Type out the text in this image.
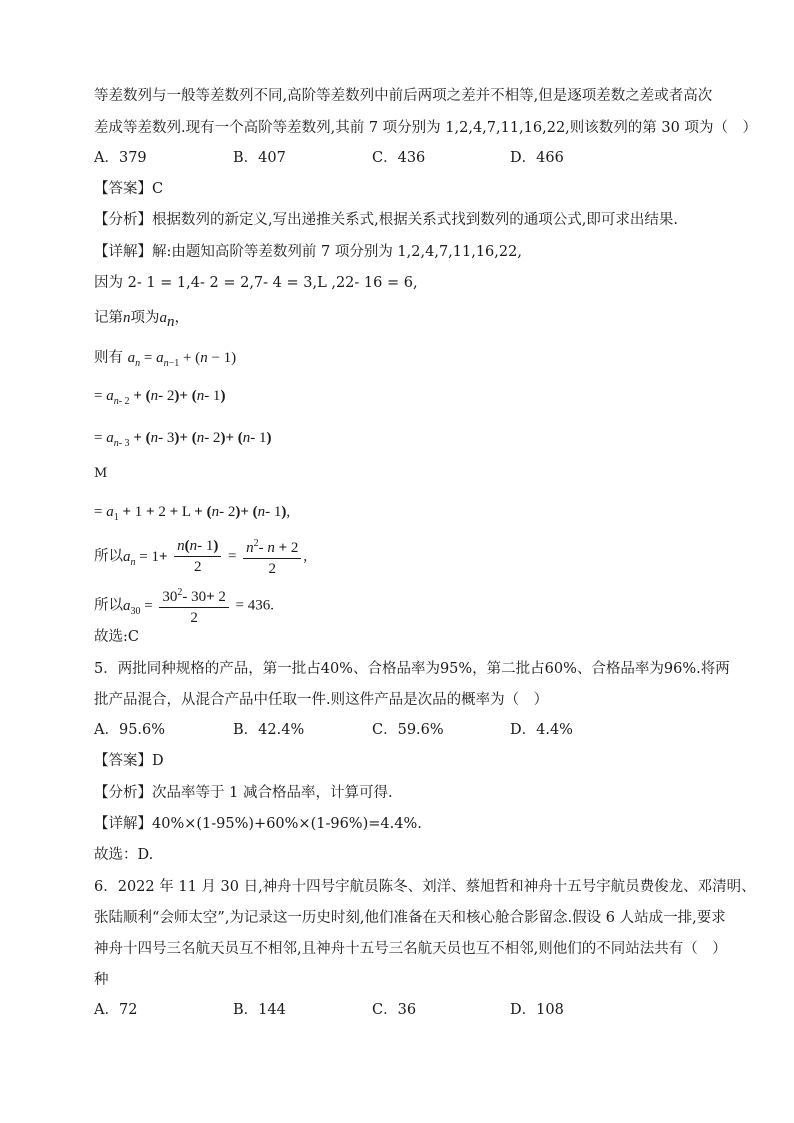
等差数列与一般等差数列不同,高阶等差数列中前后两项之差并不相等,但是逐项差数之差或者高次
差成等差数列.现有一个高阶等差数列,其前 7 项分别为 1,2,4,7,11,16,22,则该数列的第 30 项为（　）
A．379	B．407	C．436	D．466
【答案】C
【分析】根据数列的新定义,写出递推关系式,根据关系式找到数列的通项公式,即可求出结果.
【详解】解:由题知高阶等差数列前 7 项分别为 1,2,4,7,11,16,22,
因为 2- 1 = 1,4- 2 = 2,7- 4 = 3,L ,22- 16 = 6,
记第n项为$a_n$，
则有 $a_n = a_{n-1} + (n - 1)$
= $a_{n- 2} + (n-$ 2)+ (n- 1)
= $a_{n- 3} + (n-$ 3)+ (n- 2)+ (n- 1)
M
= $a_1 + 1 + 2 + L + (n-$ 2)+ (n- 1),
所以$a_n = 1+ \frac{n(n- 1)}{2} = \frac{n^2- n + 2}{2}$ ,
所以$a_{30} = \frac{30^2- 30+ 2}{2} = 436$.
故选:C
5．两批同种规格的产品，第一批占40%、合格品率为95%，第二批占60%、合格品率为96%.将两
批产品混合，从混合产品中任取一件.则这件产品是次品的概率为（　）
A．95.6%	B．42.4%	C．59.6%	D．4.4%
【答案】D
【分析】次品率等于 1 减合格品率，计算可得.
【详解】40%×(1-95%)+60%×(1-96%)=4.4%.
故选：D.
6．2022 年 11 月 30 日,神舟十四号宇航员陈冬、刘洋、蔡旭哲和神舟十五号宇航员费俊龙、邓清明、
张陆顺利“会师太空”,为记录这一历史时刻,他们准备在天和核心舱合影留念.假设 6 人站成一排,要求
神舟十四号三名航天员互不相邻,且神舟十五号三名航天员也互不相邻,则他们的不同站法共有（　）
种
A．72	B．144	C．36	D．108
